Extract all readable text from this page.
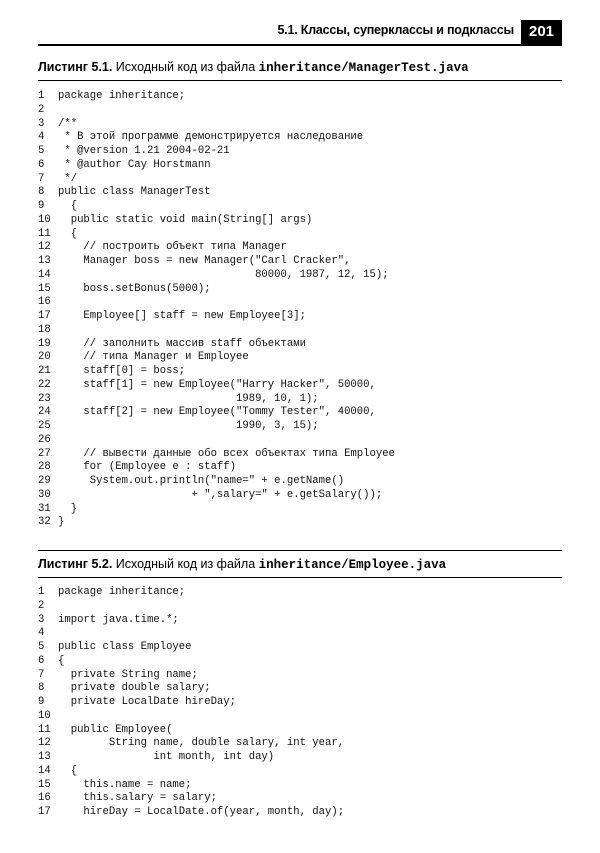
5.1. Классы, суперклассы и подклассы 201
Листинг 5.1. Исходный код из файла inheritance/ManagerTest.java
1 package inheritance;
2
3 /**
4 * В этой программе демонстрируется наследование
5 * @version 1.21 2004-02-21
6 * @author Cay Horstmann
7 */
8 public class ManagerTest
9  {
10  public static void main(String[] args)
11  {
12    // построить объект типа Manager
13    Manager boss = new Manager("Carl Cracker",
14                               80000, 1987, 12, 15);
15    boss.setBonus(5000);
16
17    Employee[] staff = new Employee[3];
18
19    // заполнить массив staff объектами
20    // типа Manager и Employee
21    staff[0] = boss;
22    staff[1] = new Employee("Harry Hacker", 50000,
23                            1989, 10, 1);
24    staff[2] = new Employee("Tommy Tester", 40000,
25                            1990, 3, 15);
26
27    // вывести данные обо всех объектах типа Employee
28    for (Employee e : staff)
29     System.out.println("name=" + e.getName()
30                     + ",salary=" + e.getSalary());
31  }
32 }
Листинг 5.2. Исходный код из файла inheritance/Employee.java
1 package inheritance;
2
3 import java.time.*;
4
5 public class Employee
6 {
7  private String name;
8  private double salary;
9  private LocalDate hireDay;
10
11  public Employee(
12        String name, double salary, int year,
13               int month, int day)
14  {
15    this.name = name;
16    this.salary = salary;
17    hireDay = LocalDate.of(year, month, day);
